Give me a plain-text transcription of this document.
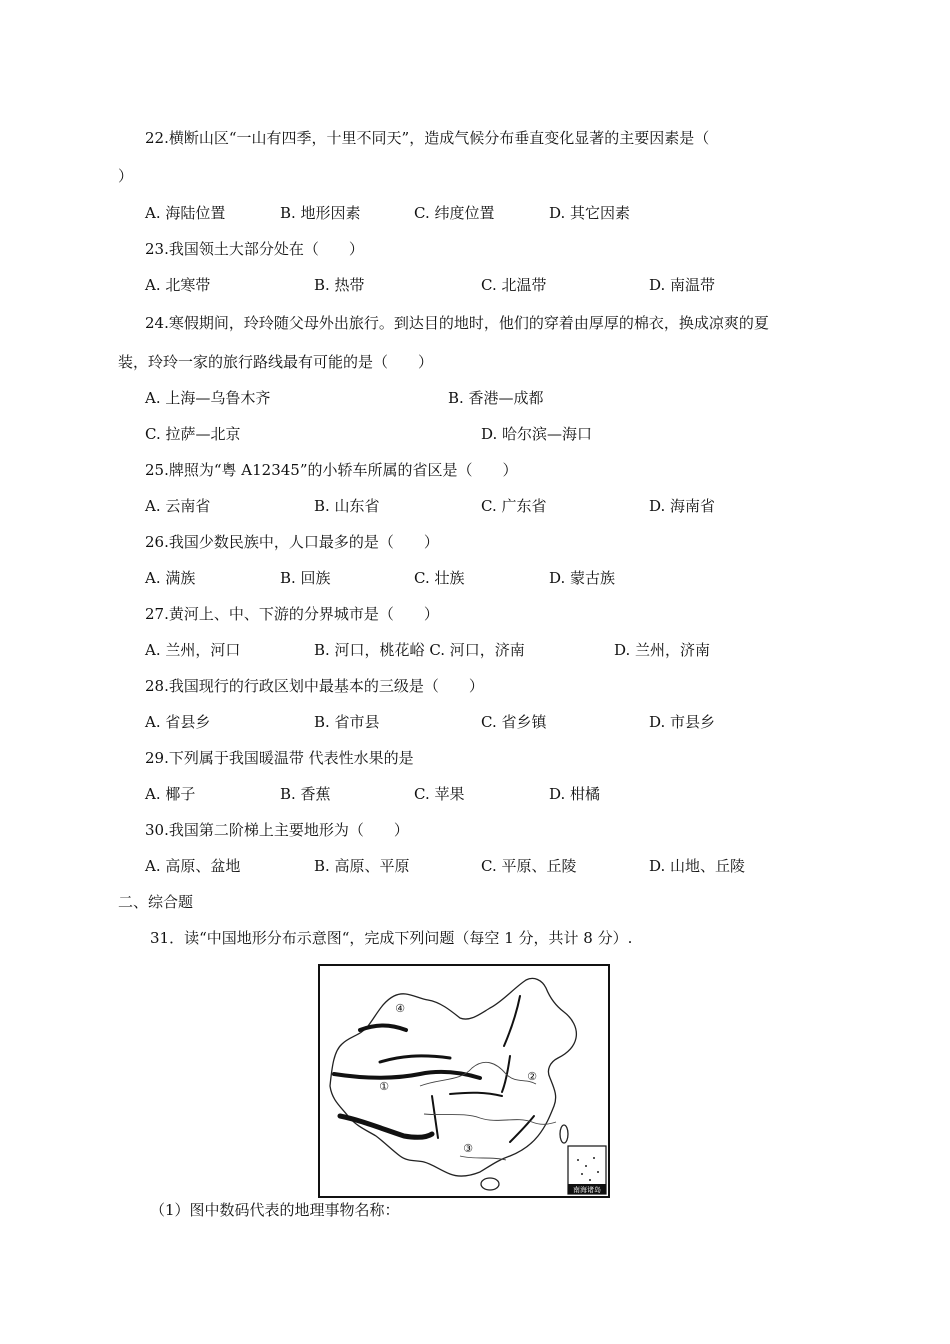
22.横断山区“一山有四季，十里不同天”，造成气候分布垂直变化显著的主要因素是（
）
A. 海陆位置	B. 地形因素	C. 纬度位置	D. 其它因素
23.我国领土大部分处在（　　）
A. 北寒带	B. 热带	C. 北温带	D. 南温带
24.寒假期间，玲玲随父母外出旅行。到达目的地时，他们的穿着由厚厚的棉衣，换成凉爽的夏
装，玲玲一家的旅行路线最有可能的是（　　）
A. 上海—乌鲁木齐	B. 香港—成都
C. 拉萨—北京	D. 哈尔滨—海口
25.牌照为“粤 A12345”的小轿车所属的省区是（　　）
A. 云南省	B. 山东省	C. 广东省	D. 海南省
26.我国少数民族中，人口最多的是（　　）
A. 满族	B. 回族	C. 壮族	D. 蒙古族
27.黄河上、中、下游的分界城市是（　　）
A. 兰州，河口	B. 河口，桃花峪 C. 河口，济南	D. 兰州，济南
28.我国现行的行政区划中最基本的三级是（　　）
A. 省县乡	B. 省市县	C. 省乡镇	D. 市县乡
29.下列属于我国暖温带 代表性水果的是
A. 椰子	B. 香蕉	C. 苹果	D. 柑橘
30.我国第二阶梯上主要地形为（　　）
A. 高原、盆地	B. 高原、平原	C. 平原、丘陵	D. 山地、丘陵
二、综合题
31．读“中国地形分布示意图“，完成下列问题（每空 1 分，共计 8 分）.
①
②
③
④
南海诸岛
（1）图中数码代表的地理事物名称：
